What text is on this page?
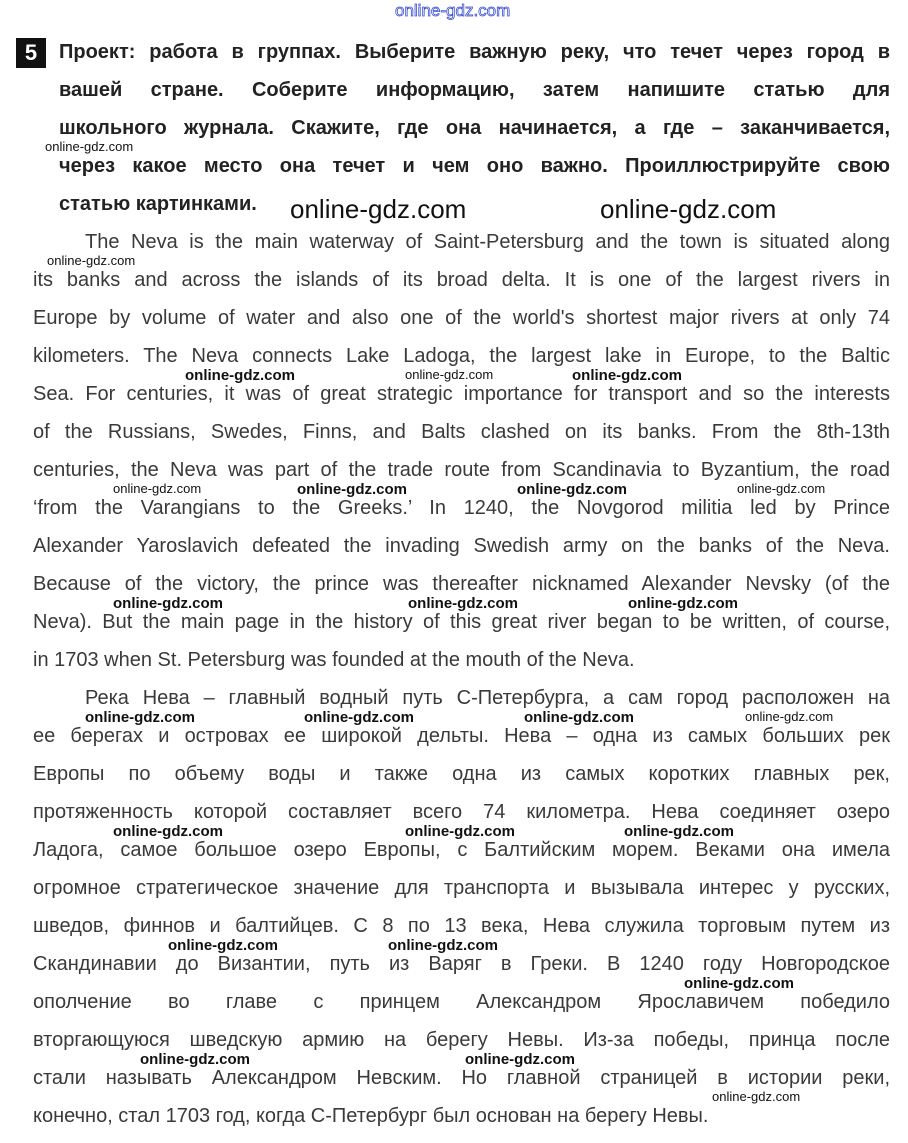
5	Проект: работа в группах. Выберите важную реку, что течет через город в
вашей стране. Соберите информацию, затем напишите статью для
школьного журнала. Скажите, где она начинается, а где – заканчивается,
через какое место она течет и чем оно важно. Проиллюстрируйте свою
статью картинками.
The Neva is the main waterway of Saint-Petersburg and the town is situated along
its banks and across the islands of its broad delta. It is one of the largest rivers in
Europe by volume of water and also one of the world's shortest major rivers at only 74
kilometers. The Neva connects Lake Ladoga, the largest lake in Europe, to the Baltic
Sea. For centuries, it was of great strategic importance for transport and so the interests
of the Russians, Swedes, Finns, and Balts clashed on its banks. From the 8th-13th
centuries, the Neva was part of the trade route from Scandinavia to Byzantium, the road
‘from the Varangians to the Greeks.’ In 1240, the Novgorod militia led by Prince
Alexander Yaroslavich defeated the invading Swedish army on the banks of the Neva.
Because of the victory, the prince was thereafter nicknamed Alexander Nevsky (of the
Neva). But the main page in the history of this great river began to be written, of course,
in 1703 when St. Petersburg was founded at the mouth of the Neva.
Река Нева – главный водный путь С-Петербурга, а сам город расположен на
ее берегах и островах ее широкой дельты. Нева – одна из самых больших рек
Европы по объему воды и также одна из самых коротких главных рек,
протяженность которой составляет всего 74 километра. Нева соединяет озеро
Ладога, самое большое озеро Европы, с Балтийским морем. Веками она имела
огромное стратегическое значение для транспорта и вызывала интерес у русских,
шведов, финнов и балтийцев. С 8 по 13 века, Нева служила торговым путем из
Скандинавии до Византии, путь из Варяг в Греки. В 1240 году Новгородское
ополчение во главе с принцем Александром Ярославичем победило
вторгающуюся шведскую армию на берегу Невы. Из-за победы, принца после
стали называть Александром Невским. Но главной страницей в истории реки,
конечно, стал 1703 год, когда С-Петербург был основан на берегу Невы.
online-gdz.com
online-gdz.com
online-gdz.com	online-gdz.com
online-gdz.com
online-gdz.com	online-gdz.com	online-gdz.com
online-gdz.com	online-gdz.com	online-gdz.com	online-gdz.com
online-gdz.com	online-gdz.com	online-gdz.com
online-gdz.com	online-gdz.com	online-gdz.com	online-gdz.com
online-gdz.com	online-gdz.com	online-gdz.com
online-gdz.com	online-gdz.com
online-gdz.com
online-gdz.com	online-gdz.com
online-gdz.com
